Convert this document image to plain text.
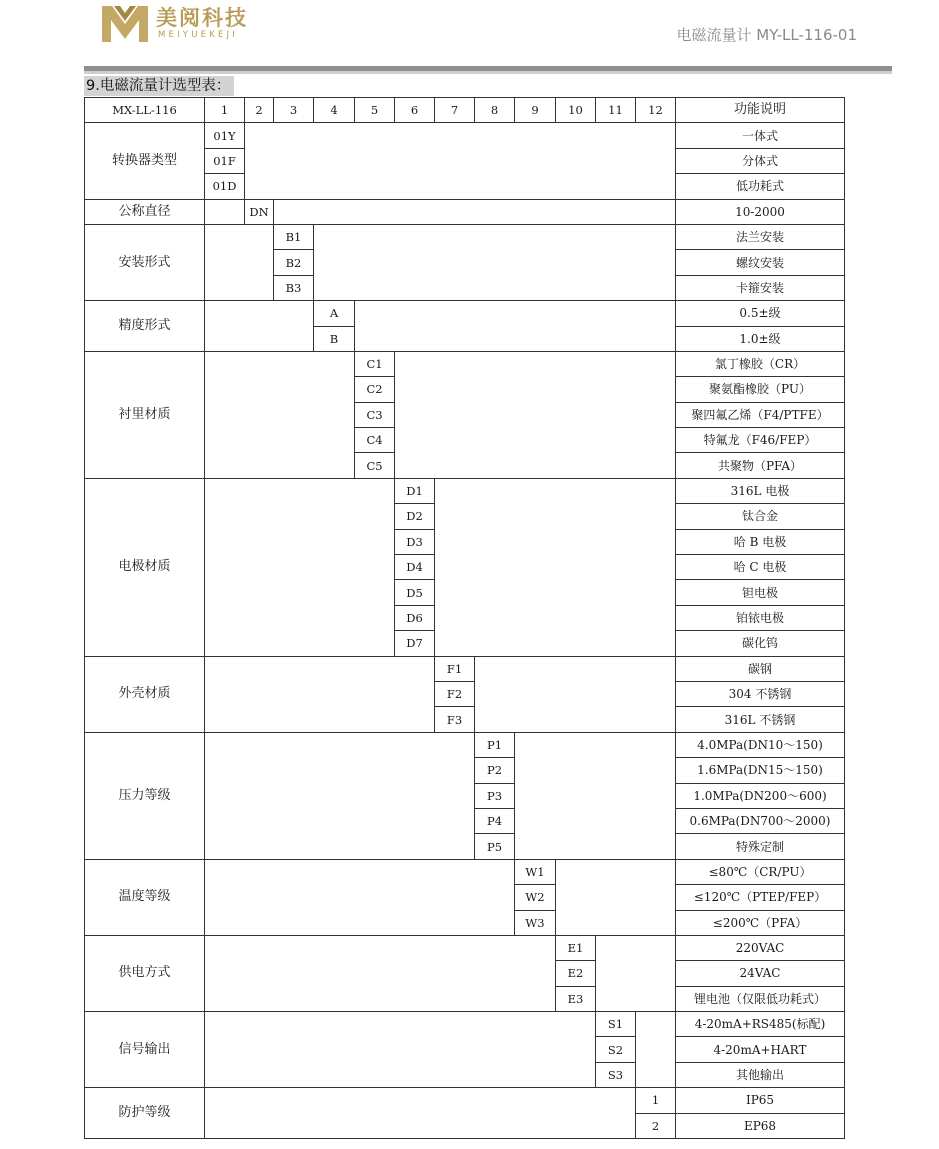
美阅科技
MEIYUEKEJI	电磁流量计 MY-LL-116-01
9.电磁流量计选型表：
MX-LL-116	1	2	3	4	5	6	7	8	9	10	11	12	功能说明
转换器类型	01Y												一体式
	01F												分体式
	01D												低功耗式
公称直径		DN											10-2000
安装形式			B1										法兰安装
			B2										螺纹安装
			B3										卡箍安装
精度形式				A									0.5±级
				B									1.0±级
衬里材质					C1								氯丁橡胶（CR）
					C2								聚氨酯橡胶（PU）
					C3								聚四氟乙烯（F4/PTFE）
					C4								特氟龙（F46/FEP）
					C5								共聚物（PFA）
电极材质						D1							316L 电极
						D2							钛合金
						D3							哈 B 电极
						D4							哈 C 电极
						D5							钽电极
						D6							铂铱电极
						D7							碳化钨
外壳材质							F1						碳钢
							F2						304 不锈钢
							F3						316L 不锈钢
压力等级								P1					4.0MPa(DN10～150)
								P2					1.6MPa(DN15～150)
								P3					1.0MPa(DN200～600)
								P4					0.6MPa(DN700～2000)
								P5					特殊定制
温度等级									W1				≤80℃（CR/PU）
									W2				≤120℃（PTEP/FEP）
									W3				≤200℃（PFA）
供电方式										E1			220VAC
										E2			24VAC
										E3			锂电池（仅限低功耗式）
信号输出											S1		4-20mA+RS485(标配)
											S2		4-20mA+HART
											S3		其他输出
防护等级												1	IP65
												2	EP68
